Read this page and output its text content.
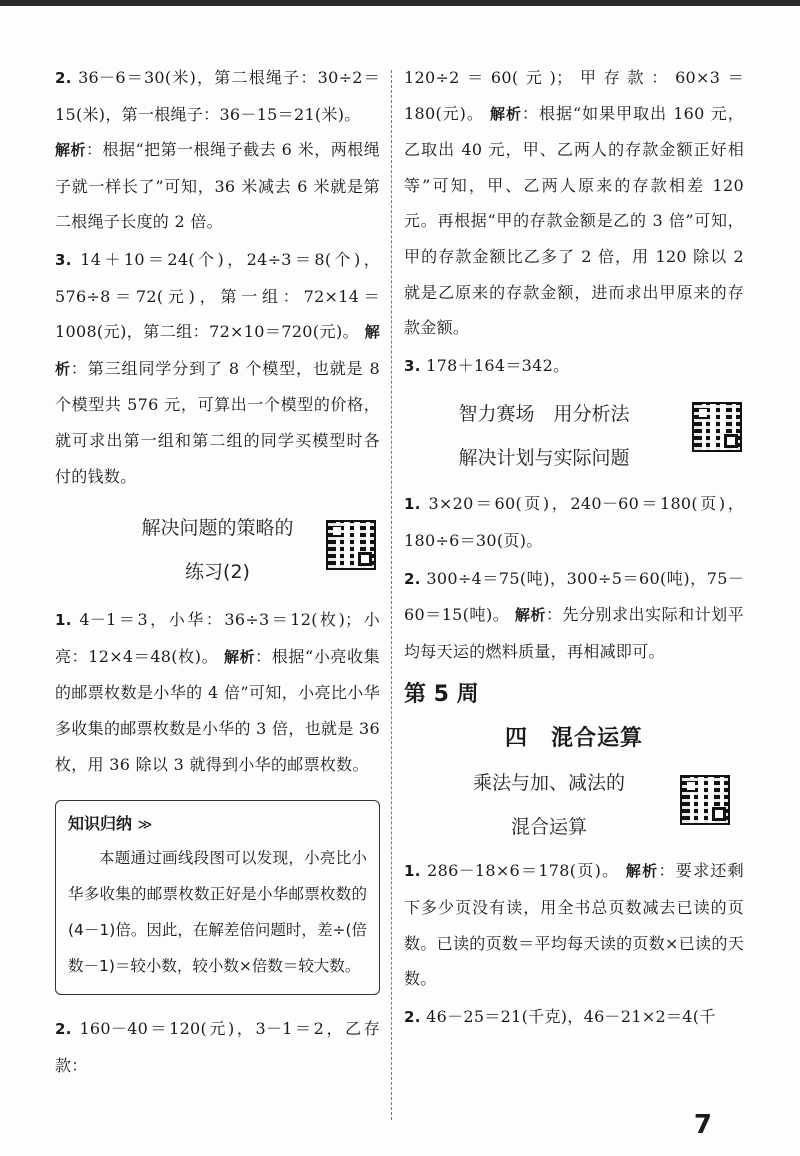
2. 36－6＝30(米)，第二根绳子：30÷2＝15(米)，第一根绳子：36－15＝21(米)。

解析：根据“把第一根绳子截去 6 米，两根绳子就一样长了”可知，36 米减去 6 米就是第二根绳子长度的 2 倍。

3. 14＋10＝24(个)，24÷3＝8(个)，576÷8＝72(元)，第一组：72×14＝1008(元)，第二组：72×10＝720(元)。 解析：第三组同学分到了 8 个模型，也就是 8 个模型共 576 元，可算出一个模型的价格，就可求出第一组和第二组的同学买模型时各付的钱数。

解决问题的策略的
练习(2)

1. 4－1＝3，小华：36÷3＝12(枚)；小亮：12×4＝48(枚)。 解析：根据“小亮收集的邮票枚数是小华的 4 倍”可知，小亮比小华多收集的邮票枚数是小华的 3 倍，也就是 36 枚，用 36 除以 3 就得到小华的邮票枚数。

知识归纳 ≫

本题通过画线段图可以发现，小亮比小华多收集的邮票枚数正好是小华邮票枚数的(4－1)倍。因此，在解差倍问题时，差÷(倍数－1)＝较小数，较小数×倍数＝较大数。

2. 160－40＝120(元)，3－1＝2，乙存款：

120÷2＝60(元)；甲存款：60×3＝180(元)。 解析：根据“如果甲取出 160 元，乙取出 40 元，甲、乙两人的存款金额正好相等”可知，甲、乙两人原来的存款相差 120 元。再根据“甲的存款金额是乙的 3 倍”可知，甲的存款金额比乙多了 2 倍，用 120 除以 2 就是乙原来的存款金额，进而求出甲原来的存款金额。

3. 178＋164＝342。

智力赛场　用分析法
解决计划与实际问题

1. 3×20＝60(页)，240－60＝180(页)，180÷6＝30(页)。

2. 300÷4＝75(吨)，300÷5＝60(吨)，75－60＝15(吨)。 解析：先分别求出实际和计划平均每天运的燃料质量，再相减即可。

第 5 周
四　混合运算
乘法与加、减法的
混合运算

1. 286－18×6＝178(页)。 解析：要求还剩下多少页没有读，用全书总页数减去已读的页数。已读的页数＝平均每天读的页数×已读的天数。

2. 46－25＝21(千克)，46－21×2＝4(千

7
